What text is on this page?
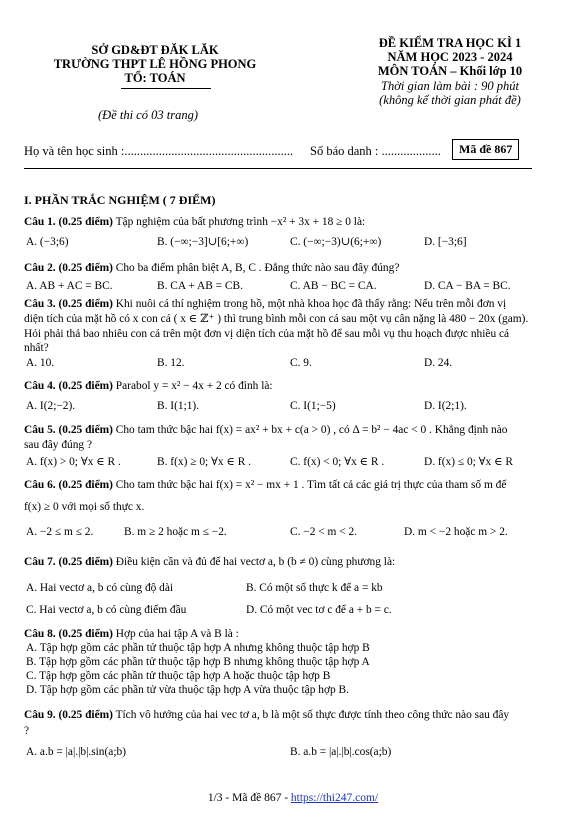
SỞ GD&ĐT ĐĂK LĂK
TRƯỜNG THPT LÊ HỒNG PHONG
TỔ: TOÁN
(Đề thi có 03 trang)
ĐỀ KIỂM TRA HỌC KÌ 1
NĂM HỌC 2023 - 2024
MÔN TOÁN – Khối lớp 10
Thời gian làm bài : 90 phút
(không kể thời gian phát đề)
Họ và tên học sinh :...................................................... Số báo danh : ...................	Mã đề 867
I. PHẦN TRẮC NGHIỆM ( 7 ĐIỂM)
Câu 1. (0.25 điểm) Tập nghiệm của bất phương trình −x² + 3x + 18 ≥ 0 là:
A. (−3;6)	B. (−∞;−3]∪[6;+∞)	C. (−∞;−3)∪(6;+∞)	D. [−3;6]
Câu 2. (0.25 điểm) Cho ba điểm phân biệt A, B, C . Đẳng thức nào sau đây đúng?
A. AB + AC = BC.	B. CA + AB = CB.	C. AB − BC = CA.	D. CA − BA = BC.
Câu 3. (0.25 điểm) Khi nuôi cá thí nghiệm trong hồ, một nhà khoa học đã thấy rằng: Nếu trên mỗi đơn vị
diện tích của mặt hồ có x con cá ( x ∈ ℤ⁺ ) thì trung bình mỗi con cá sau một vụ cân nặng là 480 − 20x (gam).
Hỏi phải thả bao nhiêu con cá trên một đơn vị diện tích của mặt hồ để sau mỗi vụ thu hoạch được nhiều cá
nhất?
A. 10.	B. 12.	C. 9.	D. 24.
Câu 4. (0.25 điểm) Parabol y = x² − 4x + 2 có đỉnh là:
A. I(2;−2).	B. I(1;1).	C. I(1;−5)	D. I(2;1).
Câu 5. (0.25 điểm) Cho tam thức bậc hai f(x) = ax² + bx + c(a > 0) , có Δ = b² − 4ac < 0 . Khẳng định nào
sau đây đúng ?
A. f(x) > 0; ∀x ∈ R .	B. f(x) ≥ 0; ∀x ∈ R .	C. f(x) < 0; ∀x ∈ R .	D. f(x) ≤ 0; ∀x ∈ R
Câu 6. (0.25 điểm) Cho tam thức bậc hai f(x) = x² − mx + 1 . Tìm tất cả các giá trị thực của tham số m để
f(x) ≥ 0 với mọi số thực x.
A. −2 ≤ m ≤ 2.	B. m ≥ 2 hoặc m ≤ −2.	C. −2 < m < 2.	D. m < −2 hoặc m > 2.
Câu 7. (0.25 điểm) Điều kiện cần và đủ để hai vectơ a, b (b ≠ 0) cùng phương là:
A. Hai vectơ a, b có cùng độ dài	B. Có một số thực k để a = kb
C. Hai vectơ a, b có cùng điểm đầu	D. Có một vec tơ c để a + b = c.
Câu 8. (0.25 điểm) Hợp của hai tập A và B là :
A. Tập hợp gồm các phần tử thuộc tập hợp A nhưng không thuộc tập hợp B
B. Tập hợp gồm các phần tử thuộc tập hợp B nhưng không thuộc tập hợp A
C. Tập hợp gồm các phần tử thuộc tập hợp A hoặc thuộc tập hợp B
D. Tập hợp gồm các phần tử vừa thuộc tập hợp A vừa thuộc tập hợp B.
Câu 9. (0.25 điểm) Tích vô hướng của hai vec tơ a, b là một số thực được tính theo công thức nào sau đây
?
A. a.b = |a|.|b|.sin(a;b)	B. a.b = |a|.|b|.cos(a;b)
1/3 - Mã đề 867 - https://thi247.com/
